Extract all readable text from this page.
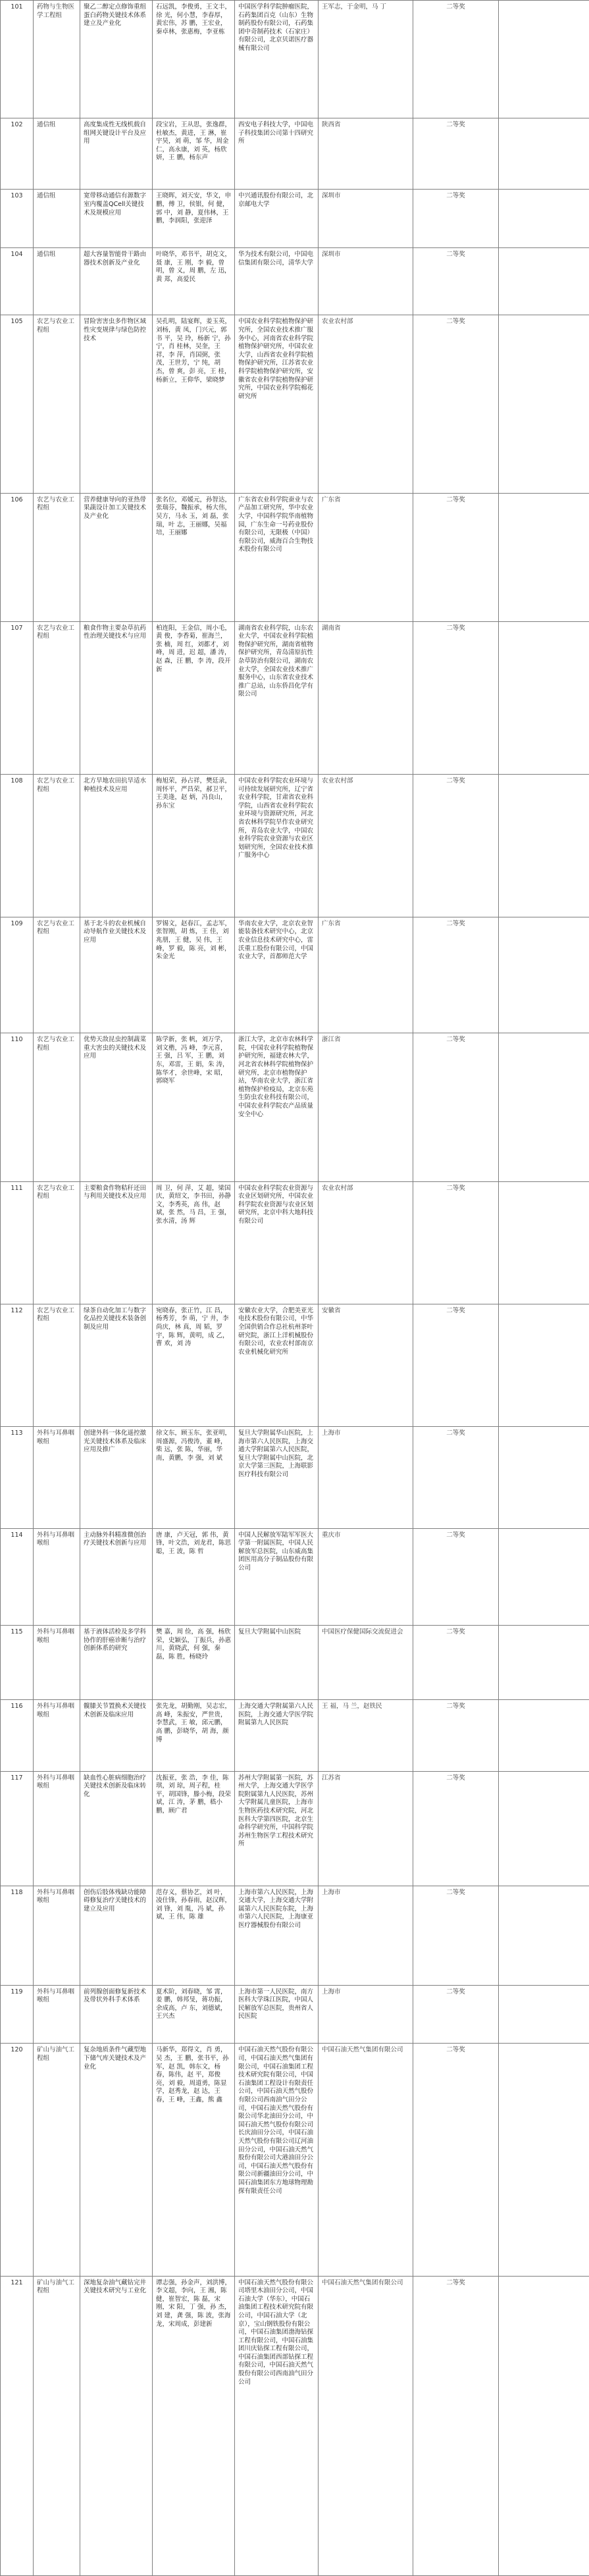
101	药物与生物医学工程组	聚乙二醇定点修饰重组蛋白药物关键技术体系建立及产业化	石远凯，李俊勇，王文丰，徐 光，何小慧，李春厚，黄宏伟，苏 鹏，王宏业，秦卓林，张惠梅，李亚栋	中国医学科学院肿瘤医院，石药集团百克（山东）生物制药股份有限公司，石药集团中奇制药技术（石家庄）有限公司，北京贝诺医疗器械有限公司	王军志，于金明，马 丁	二等奖	
102	通信组	高度集成性无线机载自组网关键设计平台及应用	段宝岩，王从思，张逸群，杜敏杰，黄进，王 淋，崔宇昊，刘 萌，邹 华，周金仁，高永康，刘 英，杨欣妍，王 鹏，杨东声	西安电子科技大学，中国电子科技集团公司第十四研究所	陕西省	二等奖	
103	通信组	宽带移动通信有源数字室内覆盖QCell关键技术及规模应用	王晓晖，刘天安，华文，申 鹏，傅 卫，侯银，何 健，郭 中，刘 静，夏伟林，王 鹏，李润阳，张迎泽	中兴通讯股份有限公司，北京邮电大学	深圳市	二等奖	
104	通信组	超大容量智能骨干路由器技术创新及产业化	叶晓华，邓书平，胡克文，聂 康，王 刚，李 毅，曾明，曾 义，周 鹏，左 迅，黄 郑，高爱民	华为技术有限公司，中国电信集团有限公司，清华大学	深圳市	二等奖	
105	农艺与农业工程组	冒险害害虫多作物区域性灾变规律与绿色防控技术	吴孔明，陆宴辉，姜玉英，刘杨，黄 凤，门兴元，郭书 平，吴 玲，杨新 宁，孙 宁，肖 桂林，吴奎，王 祥，李 萍，肖国弼，张 茂，王世芳，宁 纯，胡 杰，曾 爽，彭 亮，王 桂，杨新立，王仰华，梁晓梦	中国农业科学院植物保护研究所，全国农业技术推广服务中心，河南省农业科学院植物保护研究所，中国农业大学，山西省农业科学院植物保护研究所，江苏省农业科学院植物保护研究所，安徽省农业科学院植物保护研究所，中国农业科学院棉花研究所	农业农村部	二等奖	
106	农艺与农业工程组	营养健康导向的亚热带果蔬设计加工关键技术及产业化	张名位，邓媛元，孙智达，张瑞芬，魏振承，杨大伟，吴方，马永 玉，刘 磊，张 瑞，叶 志，王丽娜，吴福培，王丽娜	广东省农业科学院蚕业与农产品加工研究所，华中农业大学，中国科学院华南植物园，广东生命一号药业股份有限公司，无限极（中国）有限公司，威海百合生物技术股份有限公司	广东省	二等奖	
107	农艺与农业工程组	粮食作物主要杂草抗药性治理关键技术与应用	柏连阳，王金信，周小毛，黄 俊，李香菊，崔海兰，张 楠，周 红，刘都才，刘 峰，周 进，迟 超，潘 涛，赵 森，汪 鹏，李 涛，段开新	湖南省农业科学院，山东农业大学，中国农业科学院植物保护研究所，湖南省植物保护研究所，青岛清原抗性杂草防治有限公司，湖南农业大学，全国农业技术推广服务中心，山东省农业技术推广总站，山东侨昌化学有限公司	湖南省	二等奖	
108	农艺与农业工程组	北方旱地农田抗旱适水种植技术及应用	梅旭荣，孙占祥，樊廷录，周怀平，严昌荣，郝卫平，王美逢，赵 炳，冯良山，孙东宝	中国农业科学院农业环境与可持续发展研究所，辽宁省农业科学院，甘肃省农业科学院，山西省农业科学院农业环境与资源研究所，河北省农林科学院旱作农业研究所，青岛农业大学，中国农业科学院农业资源与农业区划研究所，全国农业技术推广服务中心	农业农村部	二等奖	
109	农艺与农业工程组	基于北斗的农业机械自动导航作业关键技术及应用	罗锡文，赵春江，孟志军，张智刚，胡 炼，王 佳，刘兆朋，王 健，吴 伟，王 峰，罗 毅，陈 亮，刘 彬，朱金光	华南农业大学，北京农业智能装备技术研究中心，北京农业信息技术研究中心，雷沃重工股份有限公司，中国农业大学，首都师范大学	广东省	二等奖	
110	农艺与农业工程组	优势天敌昆虫控制蔬菜重大害虫的关键技术及应用	陈学新，张 帆，刘万学，刘文楷，冯 峰，李元喜，王 强，吕 军，王 鹏，刘 东，邓雷，王 娟，朱 涛，陈华才，余世峰，宋 昭，郭晓军	浙江大学，北京市农林科学院，中国农业科学院植物保护研究所，福建农林大学，河北省农林科学院植物保护研究所，北京市植物保护站，华南农业大学，浙江省植物保护检疫局，北京东苑生防虫农业科技有限公司，中国农业科学院农产品质量安全中心	浙江省	二等奖	
111	农艺与农业工程组	主要粮食作物秸秆还田与利用关键技术及应用	周 卫，何 萍，艾 超，梁国庆，黄绍文，李书田，孙静文，李秀英，高 伟，赵 斌，张 然，马 昌，王 强，张水清，汤 辉	中国农业科学院农业资源与农业区划研究所，中国农业科学院农业资源与农业区划研究所，北京中科大地科技有限公司	农业农村部	二等奖	
112	农艺与农业工程组	绿茶自动化加工与数字化品控关键技术装备创制及应用	宛晓春，张正竹，江 昌，杨秀芳，李 萌，宁 井，李尚庆，林 真，周 韬，罗 宇，陈 辉，黄明，成 乙，曹 欢，刘 涛	安徽农业大学，合肥美亚光电技术股份有限公司，中华全国供销合作总社杭州茶叶研究院，浙江上洋机械股份有限公司，农业农村部南京农业机械化研究所	安徽省	二等奖	
113	外科与耳鼻咽喉组	创建外科一体化遥控激光关键技术体系及临床应用及推广	徐文东，顾玉东，张亚明，周盛源，冯俊涛，董 峰，柴 远，张 陈，华丽，华 南，黄鹏，李 强，刘 斌	复旦大学附属华山医院，上海市第六人民医院，上海交通大学附属第六人民医院，复旦大学附属中山医院，北京大学第三医院，上海联影医疗科技有限公司	上海市	二等奖	
114	外科与耳鼻咽喉组	主动脉外科精准微创治疗关键技术创新与应用	唐 康，卢天冠，郭 伟，黄 锋，叶文浩，刘龙君，陈思聪，王 波，陈 哲	中国人民解放军陆军军医大学第一附属医院，中国人民解放军总医院，山东威高集团医用高分子制品股份有限公司	重庆市	二等奖	
115	外科与耳鼻咽喉组	基于液体活检及多学科协作的肝癌诊断与治疗创新体系的研究	樊 嘉，周 俭，高 强，杨欣荣，史颖弘，丁振兵，孙惠川，黄晓武，何 强，秦 磊，陈 胜，杨晓玲	复旦大学附属中山医院	中国医疗保健国际交流促进会	二等奖	
116	外科与耳鼻咽喉组	髋膝关节置换术关键技术创新及临床应用	张先龙，胡勤刚，吴志宏，高 峰，朱振安，严世贵，李慧武，王 敏，邱元鹏，高 鹏，彭晓华，胡 海，颜 博	上海交通大学附属第六人民医院，上海交通大学医学院附属第九人民医院	王 福，马 兰，赵铁民	二等奖	
117	外科与耳鼻咽喉组	缺血性心脏病细胞治疗关键技术创新及临床转化	沈振亚，张 浩，李 佳，陈 琪，刘 琼，周子程，桂 平，胡国锋，滕小梅，段荣斌，江 涛，茅 鹏，嵇小鹏，顾广君	苏州大学附属第一医院，苏州大学，上海交通大学医学院附属第九人民医院，苏州大学附属儿童医院，上海市生物医药技术研究院，河北医科大学第四医院，北京生命科学研究所，中国科学院苏州生物医学工程技术研究所	江苏省	二等奖	
118	外科与耳鼻咽喉组	创伤后肢体残缺功能障碍修复治疗关键技术的建立及应用	范存义，蔡协艺，刘 叶，凌仕锋，孙春雨，赵汉辉，刘 锋，刘 胤，冯 斌，孙 斌，王 伟，陈 雄	上海市第六人民医院，上海交通大学，上海交通大学附属第六人民医院东院，上海市第六人民医院，上海康亚医疗器械股份有限公司	上海市	二等奖	
119	外科与耳鼻咽喉组	前列腺创面修复新技术及带状外科手术体系	夏术阶，刘春晓，邹 霄，姜 鹏，韩邦旻，蒋功振，余成高，卢 东，刘德斌，王兴杰	上海市第一人民医院，南方医科大学珠江医院，中国人民解放军总医院，贵州省人民医院	上海市	二等奖	
120	矿山与油气工程组	复杂地质条件气藏型地下储气库关键技术及产业化	马新华，郑得文，肖 勇，吴 杰，王 鹏，张书平，孙 军，赵 凯，韩东文，杨 春，陈伟，赵 平，郑俊亮，刘 毅，周道勇，陈显学，赵秀龙，赵 达，王 春，王 峰，王鑫，熊 鑫	中国石油天然气股份有限公司，中国石油天然气集团有限公司，中国石油集团工程技术研究院有限公司，中国石油集团工程设计有限责任公司，中国石油天然气股份有限公司西南油气田分公司，中国石油天然气股份有限公司华北油田分公司，中国石油天然气股份有限公司长庆油田分公司，中国石油天然气股份有限公司辽河油田分公司，中国石油天然气股份有限公司大港油田分公司，中国石油天然气股份有限公司新疆油田分公司，中国石油集团东方地球物理勘探有限责任公司	中国石油天然气集团有限公司	二等奖	
121	矿山与油气工程组	深地复杂油气藏钻完井关键技术研究与工业化	谭志强，孙金声，刘洪博，李文超，李向，王 湘，陈 健，崔智宏，陈 磊，宋 刚，宋 阳，丁 强，孙 杰，刘 建，龚 强，陈 波，张海龙，宋周成，彭建新	中国石油天然气股份有限公司塔里木油田分公司，中国石油大学（华东），中国石油集团工程技术研究院有限公司，中国石油大学（北京），宝山钢铁股份有限公司，中国石油集团渤海钻探工程有限公司，中国石油集团川庆钻探工程有限公司，中国石油集团西部钻探工程有限公司，中国石油天然气股份有限公司西南油气田分公司	中国石油天然气集团有限公司	二等奖	
